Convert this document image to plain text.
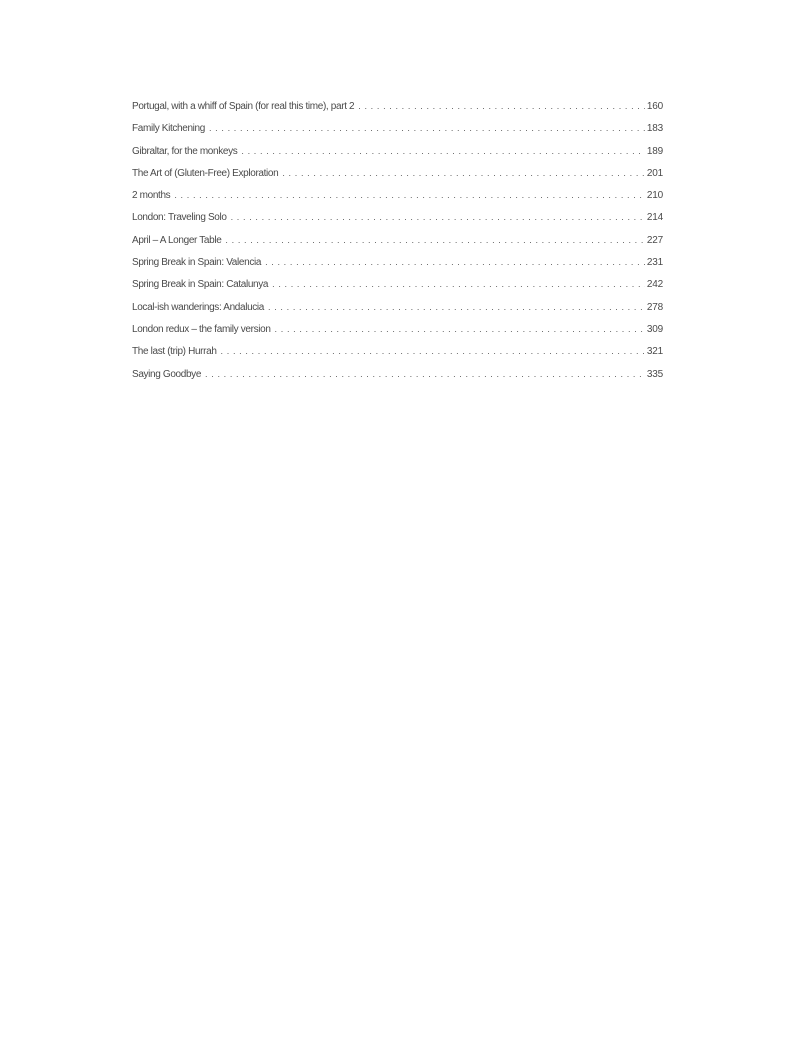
Portugal, with a whiff of Spain (for real this time), part 2 . . .	160
Family Kitchening . . .	183
Gibraltar, for the monkeys . . .	189
The Art of (Gluten-Free) Exploration . . .	201
2 months . . .	210
London: Traveling Solo . . .	214
April – A Longer Table . . .	227
Spring Break in Spain: Valencia . . .	231
Spring Break in Spain: Catalunya . . .	242
Local-ish wanderings: Andalucia . . .	278
London redux – the family version . . .	309
The last (trip) Hurrah . . .	321
Saying Goodbye . . .	335
